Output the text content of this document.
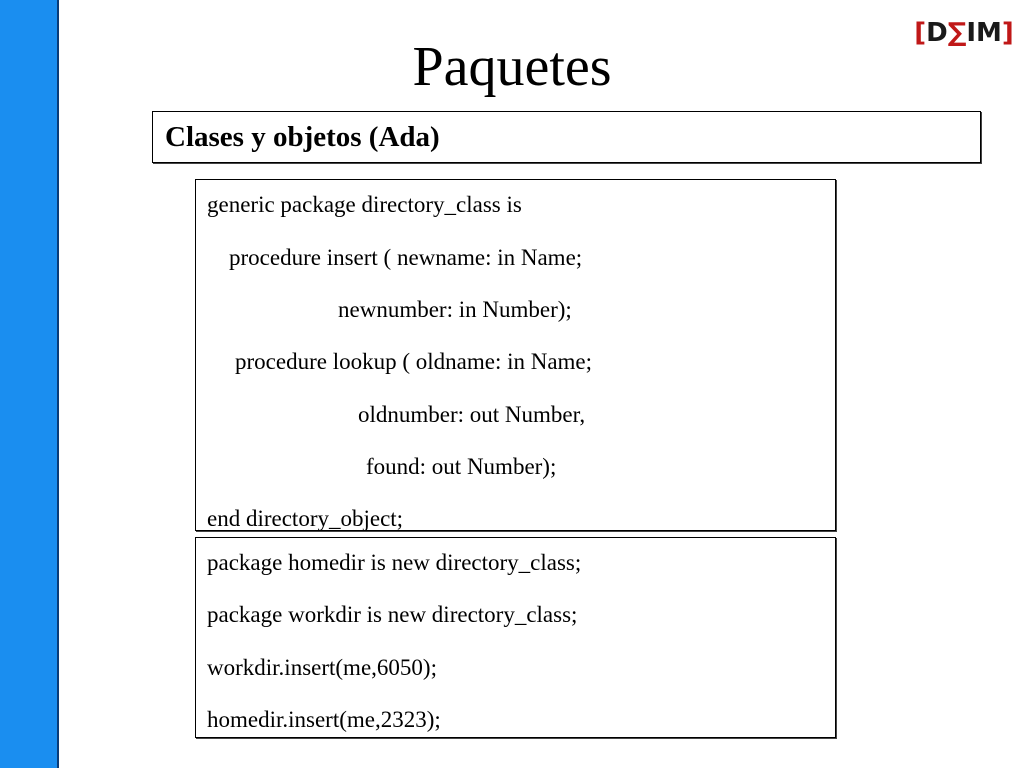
Paquetes
[ D ∑ IM ]
Clases y objetos (Ada)
generic package directory_class is
procedure insert ( newname: in Name;
newnumber: in Number);
procedure lookup ( oldname: in Name;
oldnumber: out Number,
found: out Number);
end directory_object;
package homedir is new directory_class;
package workdir is new directory_class;
workdir.insert(me,6050);
homedir.insert(me,2323);
